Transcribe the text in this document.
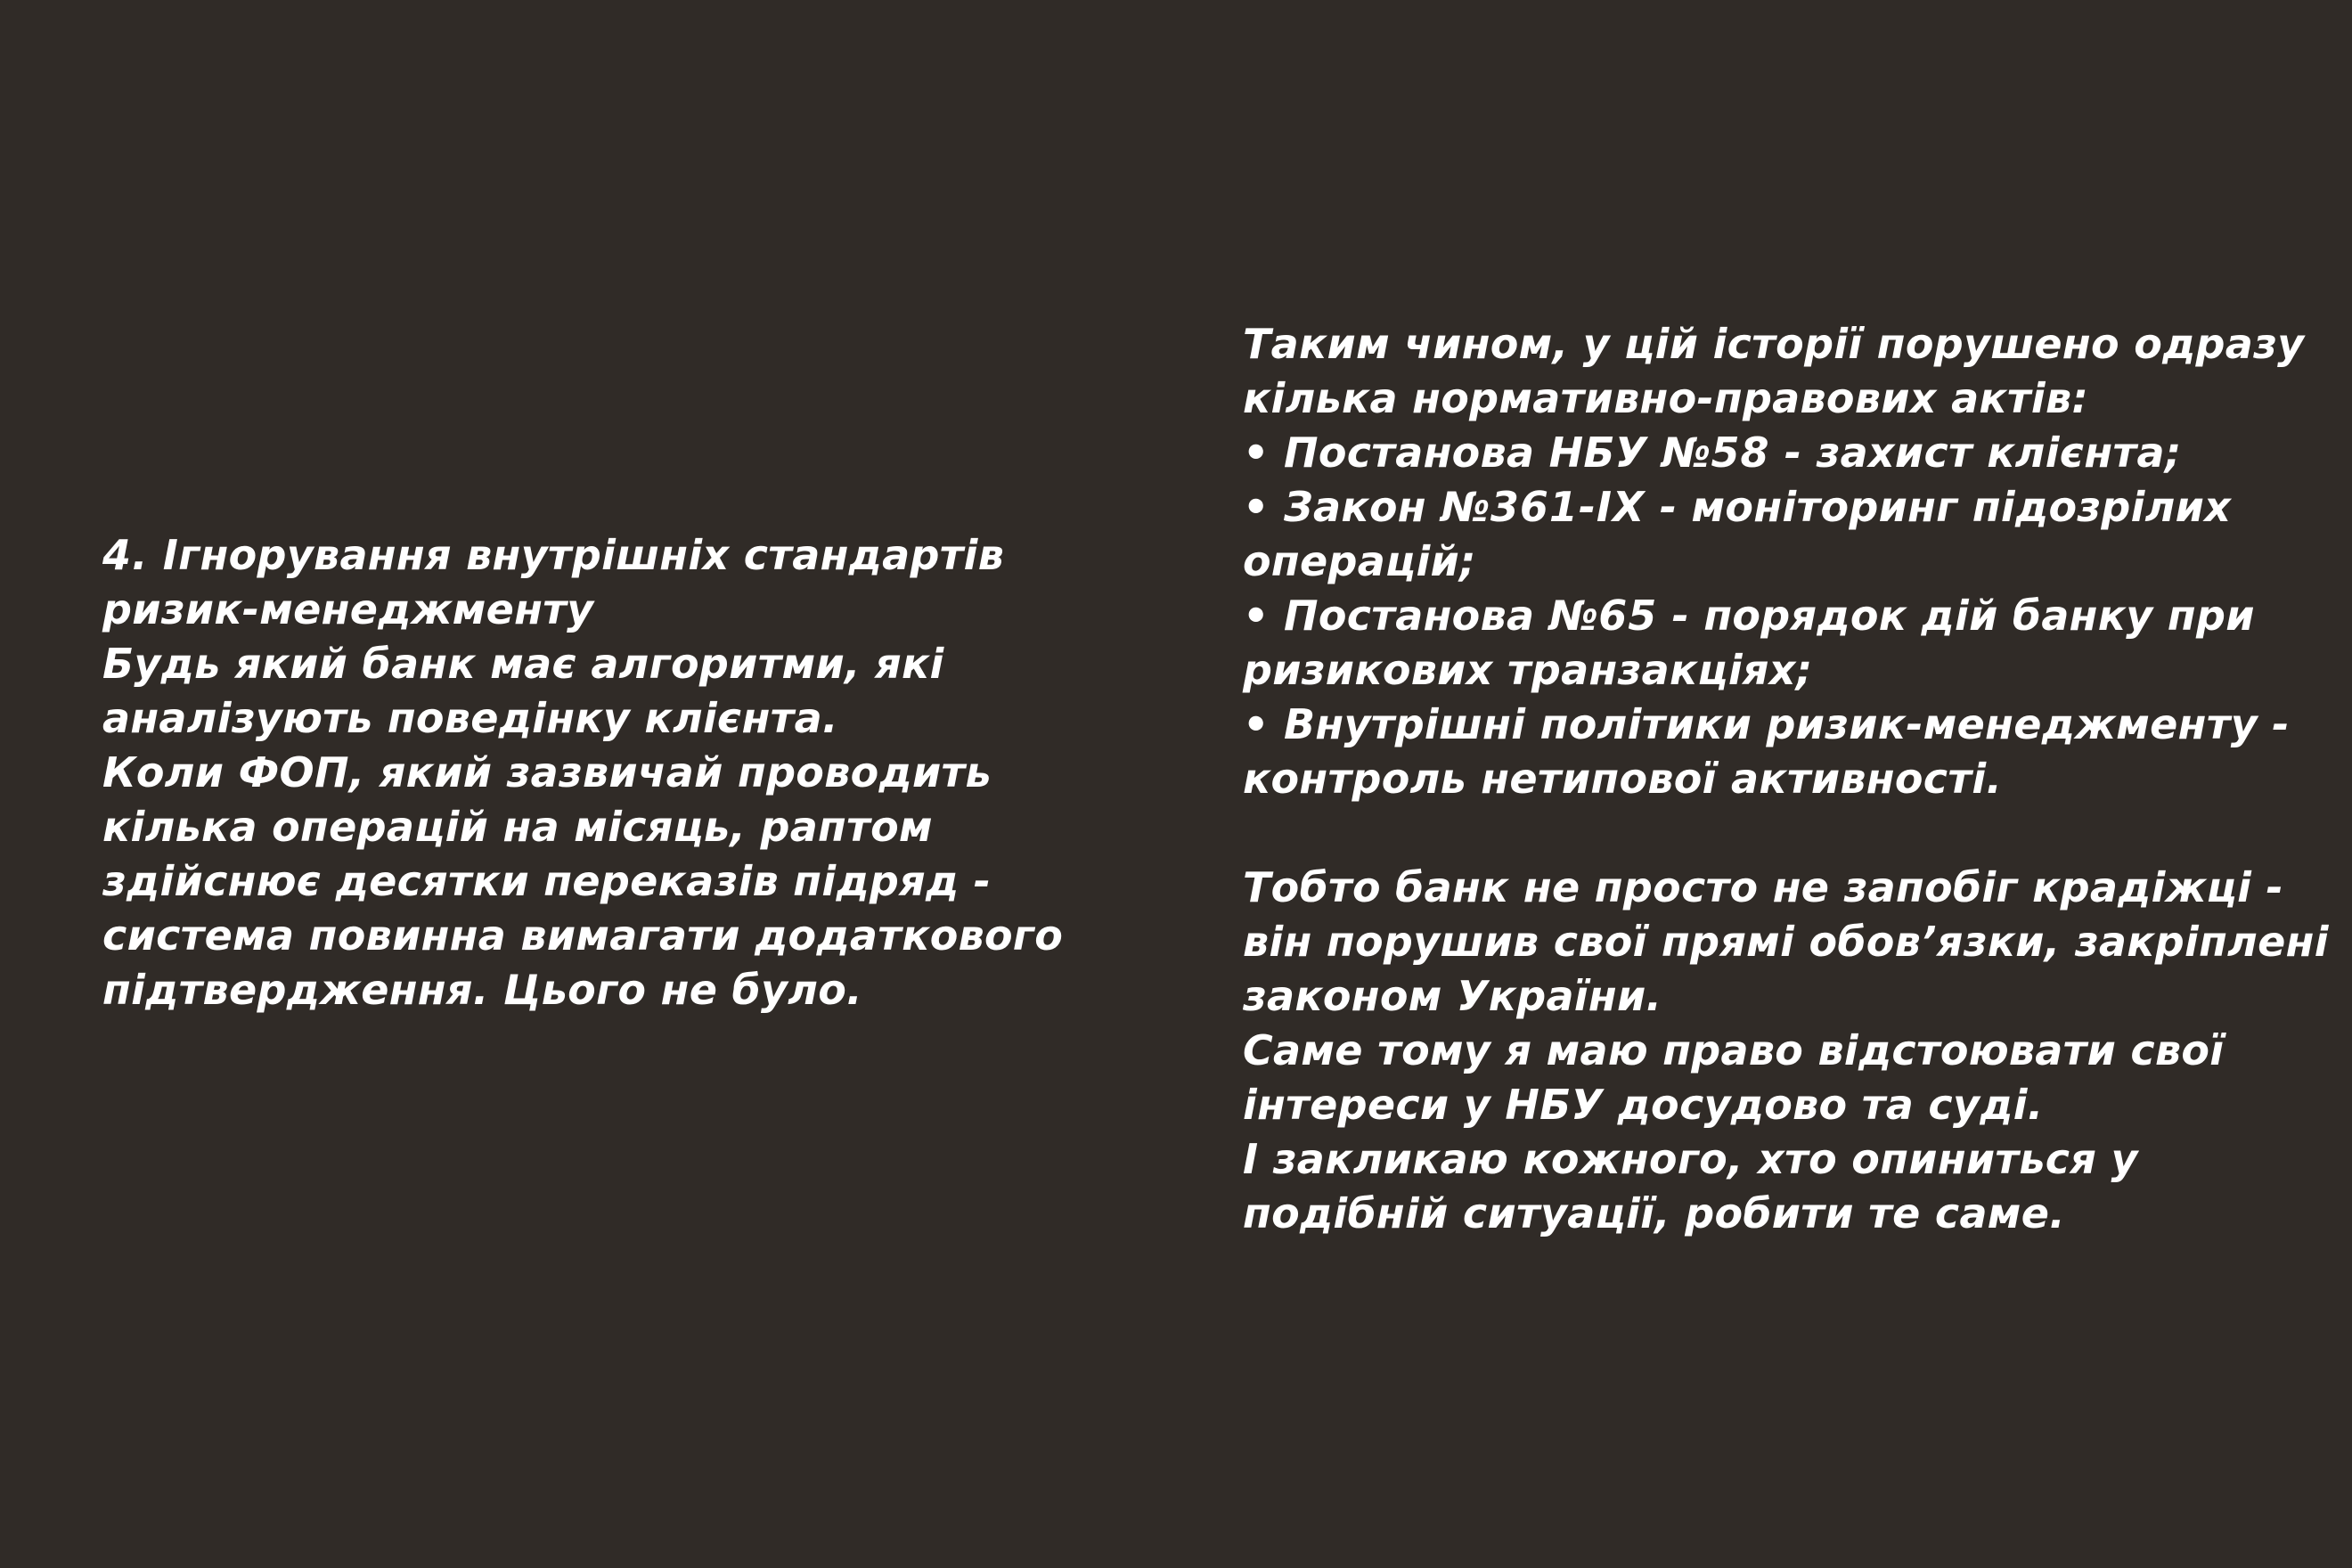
4. Ігнорування внутрішніх стандартів
ризик-менеджменту
Будь який банк має алгоритми, які
аналізують поведінку клієнта.
Коли ФОП, який зазвичай проводить
кілька операцій на місяць, раптом
здійснює десятки переказів підряд -
система повинна вимагати додаткового
підтвердження. Цього не було.
Таким чином, у цій історії порушено одразу
кілька нормативно-правових актів:
• Постанова НБУ №58 - захист клієнта;
• Закон №361-IX - моніторинг підозрілих
операцій;
• Постанова №65 - порядок дій банку при
ризикових транзакціях;
• Внутрішні політики ризик-менеджменту -
контроль нетипової активності.
Тобто банк не просто не запобіг крадіжці -
він порушив свої прямі обов’язки, закріплені
законом України.
Саме тому я маю право відстоювати свої
інтереси у НБУ досудово та суді.
І закликаю кожного, хто опиниться у
подібній ситуації, робити те саме.
